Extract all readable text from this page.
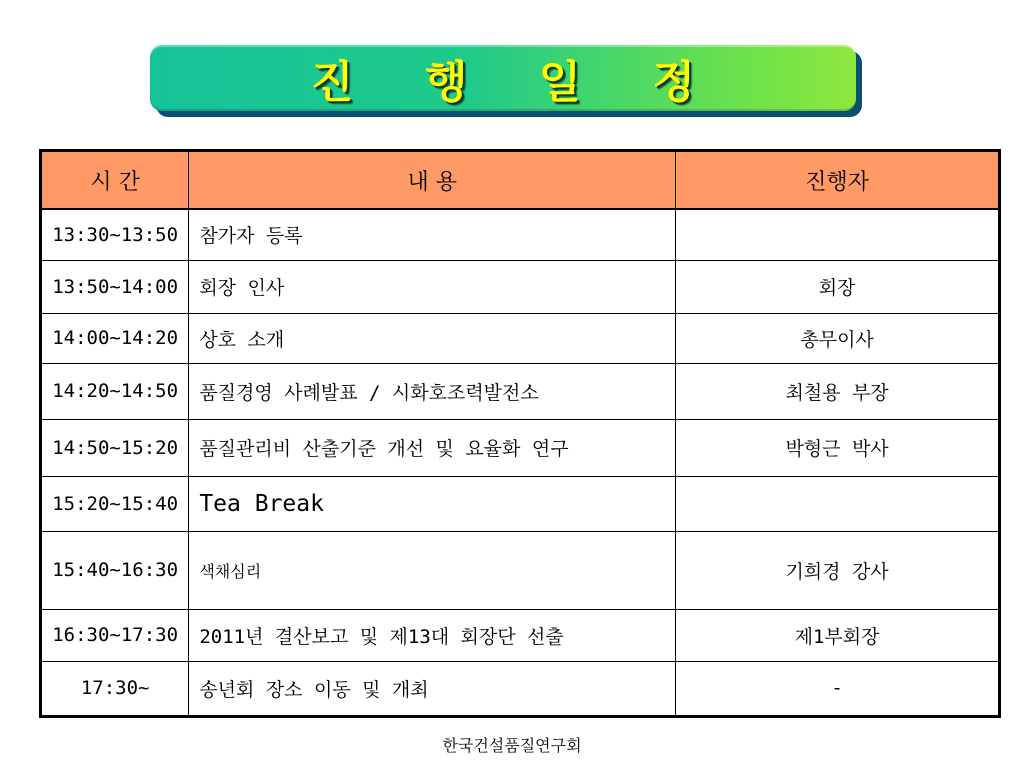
진 행 일 정
시 간	내 용	진행자
13:30~13:50	참가자 등록	
13:50~14:00	회장 인사	회장
14:00~14:20	상호 소개	총무이사
14:20~14:50	품질경영 사례발표 / 시화호조력발전소	최철용 부장
14:50~15:20	품질관리비 산출기준 개선 및 요율화 연구	박형근 박사
15:20~15:40	Tea Break	
15:40~16:30	색채심리	기희경 강사
16:30~17:30	2011년 결산보고 및 제13대 회장단 선출	제1부회장
17:30~	송년회 장소 이동 및 개최	-
한국건설품질연구회
